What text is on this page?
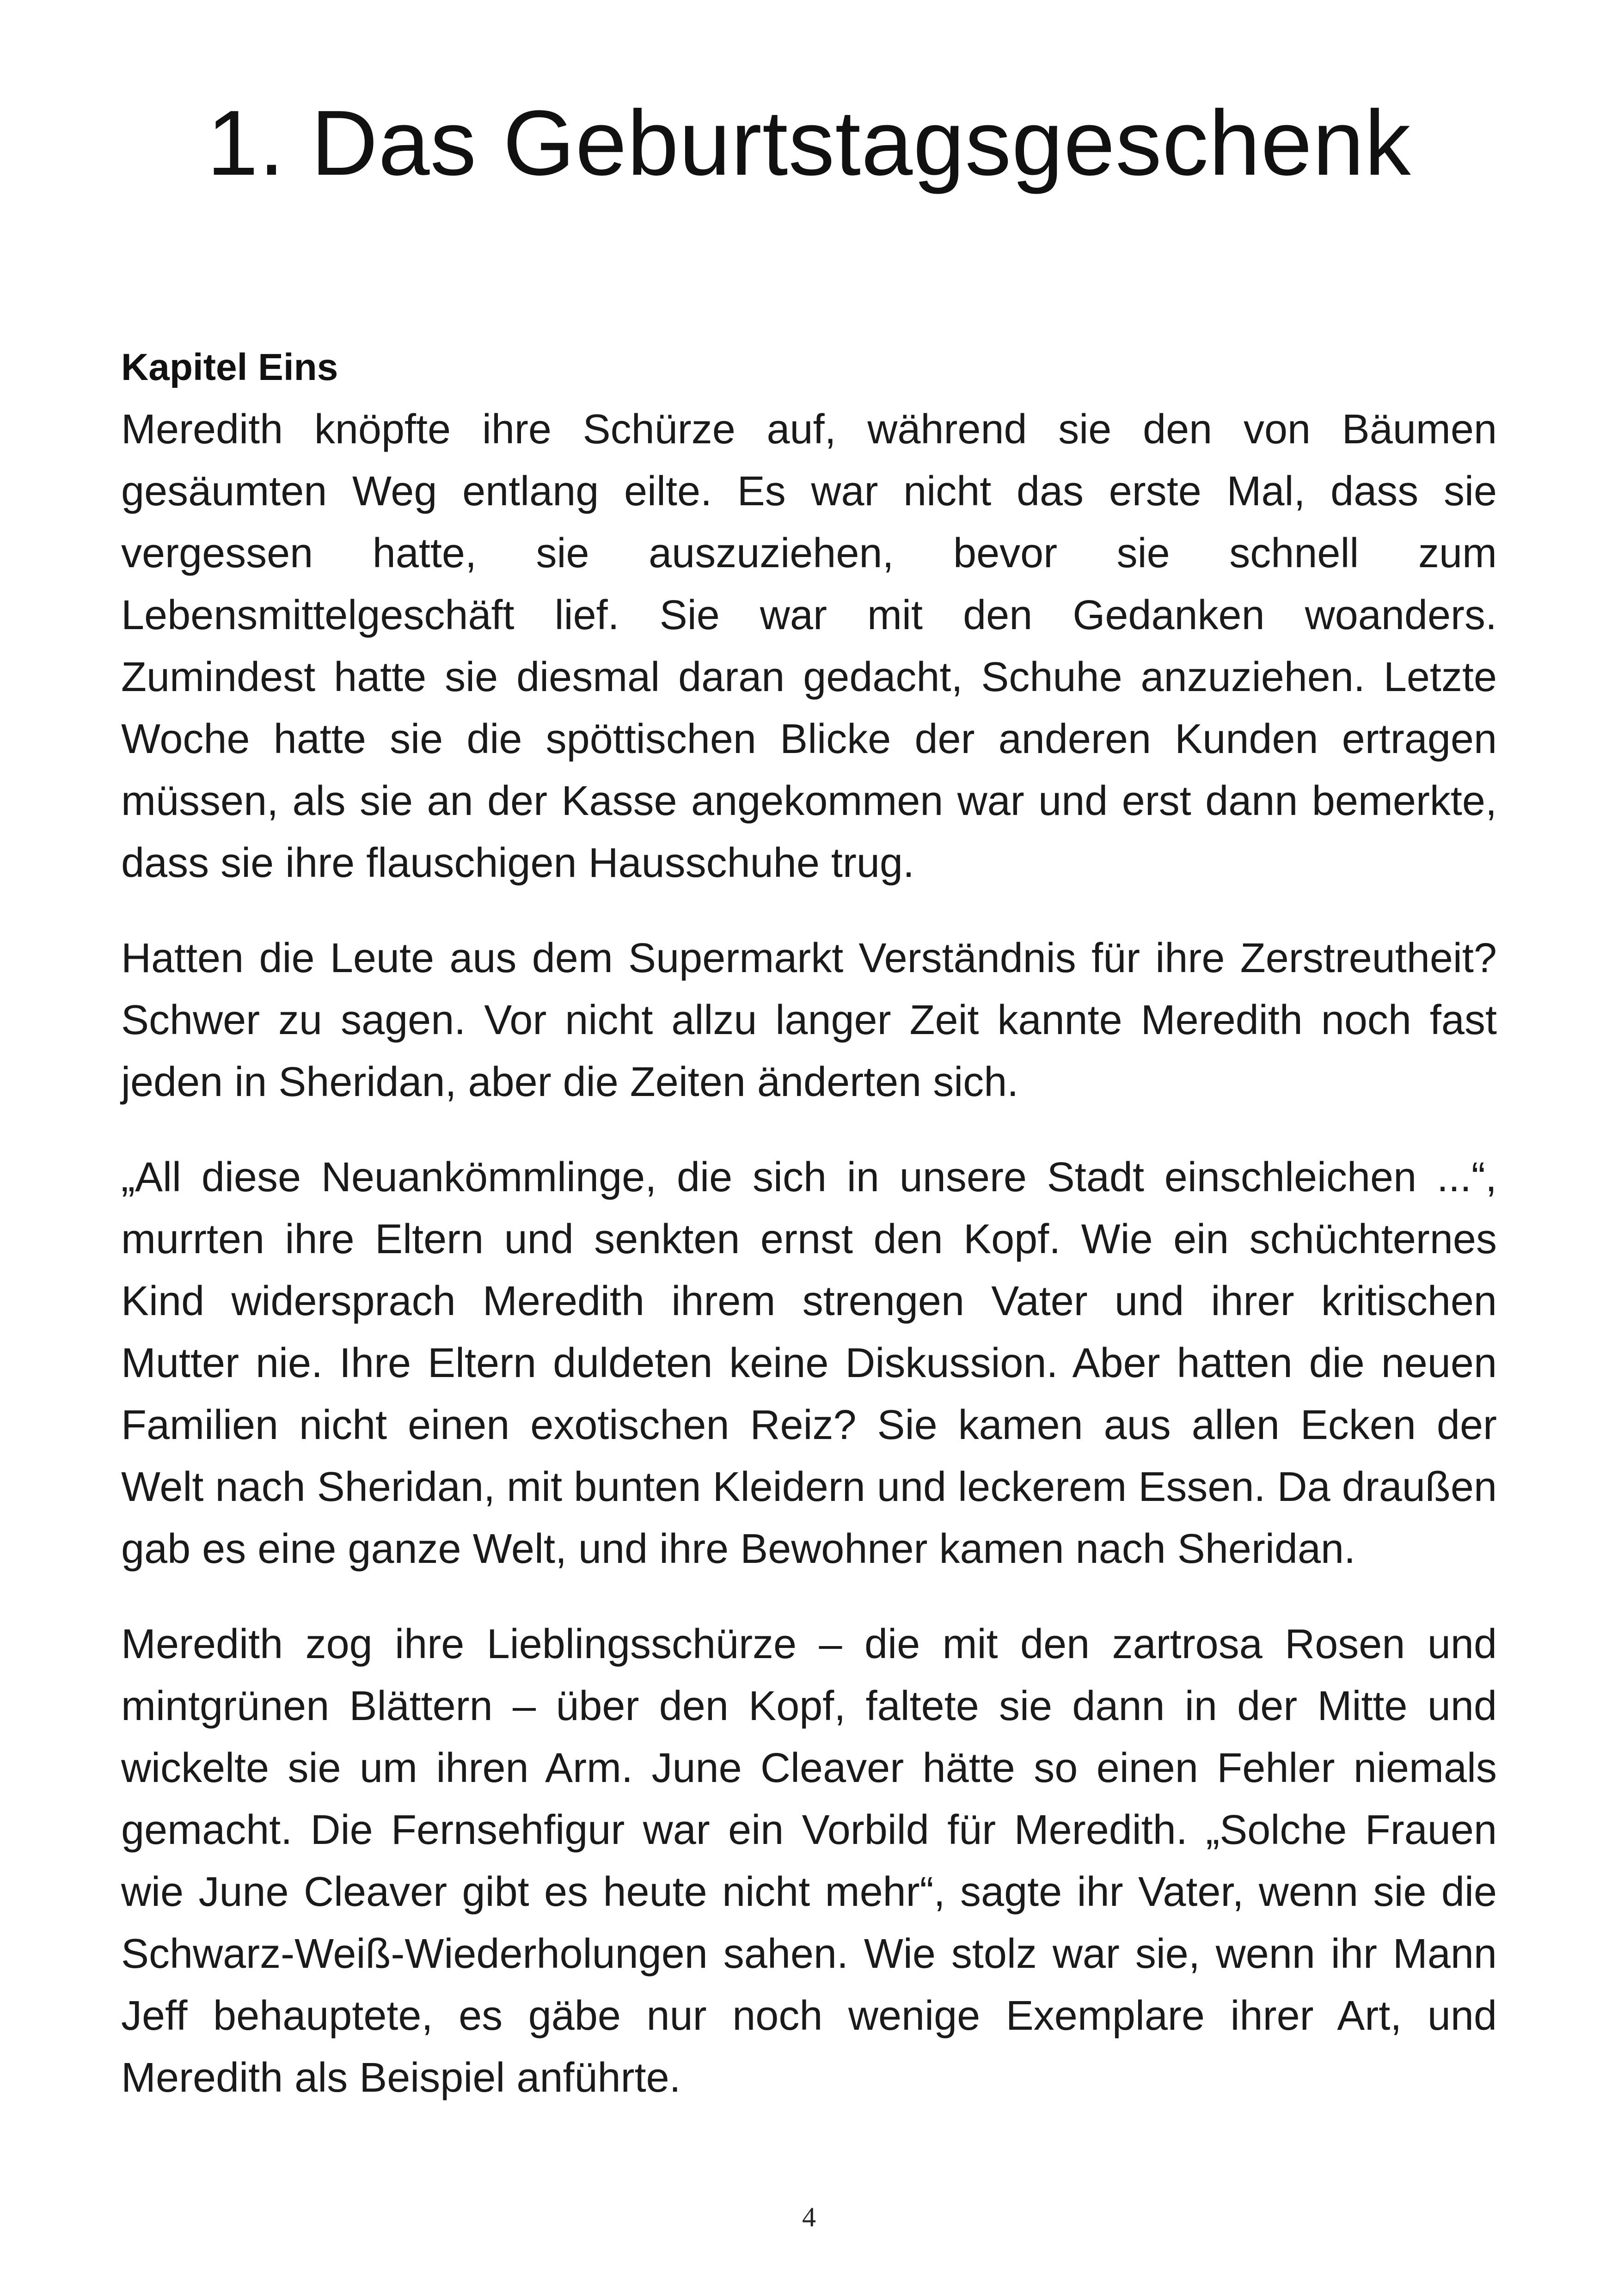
1. Das Geburtstagsgeschenk
Kapitel Eins

Meredith knöpfte ihre Schürze auf, während sie den von Bäumen gesäumten Weg entlang eilte. Es war nicht das erste Mal, dass sie vergessen hatte, sie auszuziehen, bevor sie schnell zum Lebensmittelgeschäft lief. Sie war mit den Gedanken woanders. Zumindest hatte sie diesmal daran gedacht, Schuhe anzuziehen. Letzte Woche hatte sie die spöttischen Blicke der anderen Kunden ertragen müssen, als sie an der Kasse angekommen war und erst dann bemerkte, dass sie ihre flauschigen Hausschuhe trug.

Hatten die Leute aus dem Supermarkt Verständnis für ihre Zerstreutheit? Schwer zu sagen. Vor nicht allzu langer Zeit kannte Meredith noch fast jeden in Sheridan, aber die Zeiten änderten sich.

„All diese Neuankömmlinge, die sich in unsere Stadt einschleichen ...“, murrten ihre Eltern und senkten ernst den Kopf. Wie ein schüchternes Kind widersprach Meredith ihrem strengen Vater und ihrer kritischen Mutter nie. Ihre Eltern duldeten keine Diskussion. Aber hatten die neuen Familien nicht einen exotischen Reiz? Sie kamen aus allen Ecken der Welt nach Sheridan, mit bunten Kleidern und leckerem Essen. Da draußen gab es eine ganze Welt, und ihre Bewohner kamen nach Sheridan.

Meredith zog ihre Lieblingsschürze – die mit den zartrosa Rosen und mintgrünen Blättern – über den Kopf, faltete sie dann in der Mitte und wickelte sie um ihren Arm. June Cleaver hätte so einen Fehler niemals gemacht. Die Fernsehfigur war ein Vorbild für Meredith. „Solche Frauen wie June Cleaver gibt es heute nicht mehr“, sagte ihr Vater, wenn sie die Schwarz-Weiß-Wiederholungen sahen. Wie stolz war sie, wenn ihr Mann Jeff behauptete, es gäbe nur noch wenige Exemplare ihrer Art, und Meredith als Beispiel anführte.

4
